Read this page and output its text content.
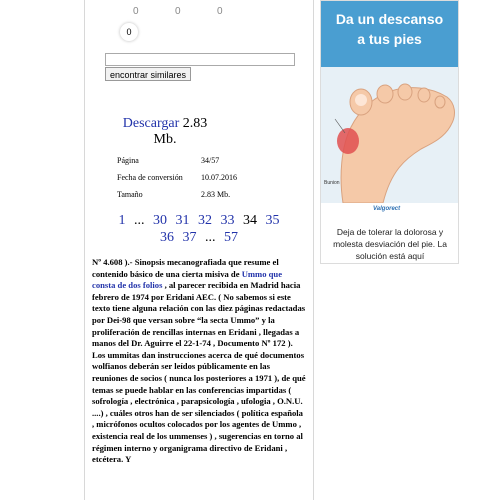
0	0	0
0
encontrar similares
Descargar 2.83
Mb.
Página	34/57
Fecha de conversión	10.07.2016
Tamaño	2.83 Mb.
1 ... 30 31 32 33 34 35
36 37 ... 57
Nº 4.608 ).- Sinopsis mecanografiada que resume el contenido básico de una cierta misiva de Ummo que consta de dos folios , al parecer recibida en Madrid hacia febrero de 1974 por Eridani AEC. ( No sabemos si este texto tiene alguna relación con las diez páginas redactadas por Dei-98 que versan sobre “la secta Ummo” y la proliferación de rencillas internas en Eridani , llegadas a manos del Dr. Aguirre el 22-1-74 , Documento Nº 172 ). Los ummitas dan instrucciones acerca de qué documentos wolfianos deberán ser leídos públicamente en las reuniones de socios ( nunca los posteriores a 1971 ), de qué temas se puede hablar en las conferencias impartidas ( sofrología , electrónica , parapsicología , ufologia , O.N.U. ....) , cuáles otros han de ser silenciados ( política española , micrófonos ocultos colocados por los agentes de Ummo , existencia real de los ummenses ) , sugerencias en torno al régimen interno y organigrama directivo de Eridani , etcétera. Y
Da un descanso
a tus pies
Bunion
Valgorect
Deja de tolerar la dolorosa y molesta desviación del pie. La solución está aquí
